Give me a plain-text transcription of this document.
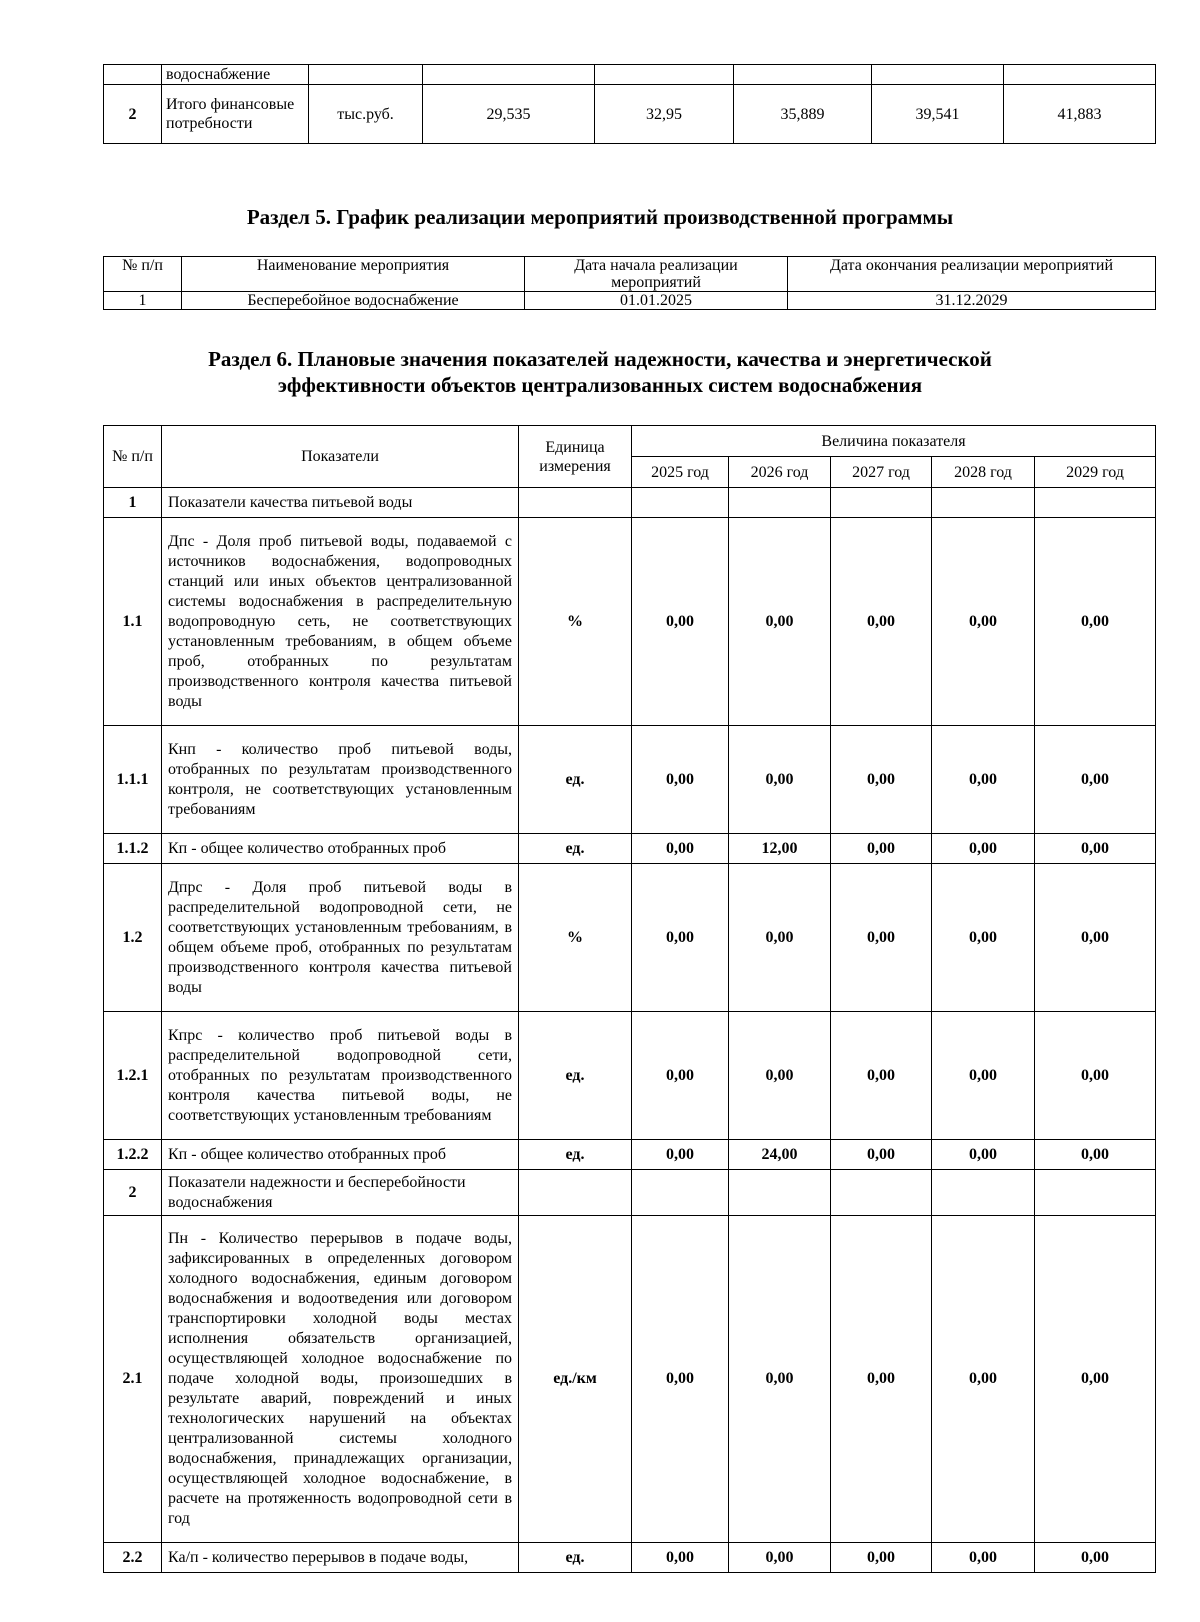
	водоснабжение						
2	Итого финансовые потребности	тыс.руб.	29,535	32,95	35,889	39,541	41,883
Раздел 5. График реализации мероприятий производственной программы
№ п/п	Наименование мероприятия	Дата начала реализации мероприятий	Дата окончания реализации мероприятий
1	Бесперебойное водоснабжение	01.01.2025	31.12.2029
Раздел 6. Плановые значения показателей надежности, качества и энергетической
эффективности объектов централизованных систем водоснабжения
№ п/п	Показатели	Единица измерения	Величина показателя				
			2025 год	2026 год	2027 год	2028 год	2029 год
1	Показатели качества питьевой воды						
1.1	Дпс - Доля проб питьевой воды, подаваемой с источников водоснабжения, водопроводных станций или иных объектов централизованной системы водоснабжения в распределительную водопроводную сеть, не соответствующих установленным требованиям, в общем объеме проб, отобранных по результатам производственного контроля качества питьевой воды	%	0,00	0,00	0,00	0,00	0,00
1.1.1	Кнп - количество проб питьевой воды, отобранных по результатам производственного контроля, не соответствующих установленным требованиям	ед.	0,00	0,00	0,00	0,00	0,00
1.1.2	Кп - общее количество отобранных проб	ед.	0,00	12,00	0,00	0,00	0,00
1.2	Дпрс - Доля проб питьевой воды в распределительной водопроводной сети, не соответствующих установленным требованиям, в общем объеме проб, отобранных по результатам производственного контроля качества питьевой воды	%	0,00	0,00	0,00	0,00	0,00
1.2.1	Кпрс - количество проб питьевой воды в распределительной водопроводной сети, отобранных по результатам производственного контроля качества питьевой воды, не соответствующих установленным требованиям	ед.	0,00	0,00	0,00	0,00	0,00
1.2.2	Кп - общее количество отобранных проб	ед.	0,00	24,00	0,00	0,00	0,00
2	Показатели надежности и бесперебойности водоснабжения						
2.1	Пн - Количество перерывов в подаче воды, зафиксированных в определенных договором холодного водоснабжения, единым договором водоснабжения и водоотведения или договором транспортировки холодной воды местах исполнения обязательств организацией, осуществляющей холодное водоснабжение по подаче холодной воды, произошедших в результате аварий, повреждений и иных технологических нарушений на объектах централизованной системы холодного водоснабжения, принадлежащих организации, осуществляющей холодное водоснабжение, в расчете на протяженность водопроводной сети в год	ед./км	0,00	0,00	0,00	0,00	0,00
2.2	Ка/п - количество перерывов в подаче воды,	ед.	0,00	0,00	0,00	0,00	0,00
